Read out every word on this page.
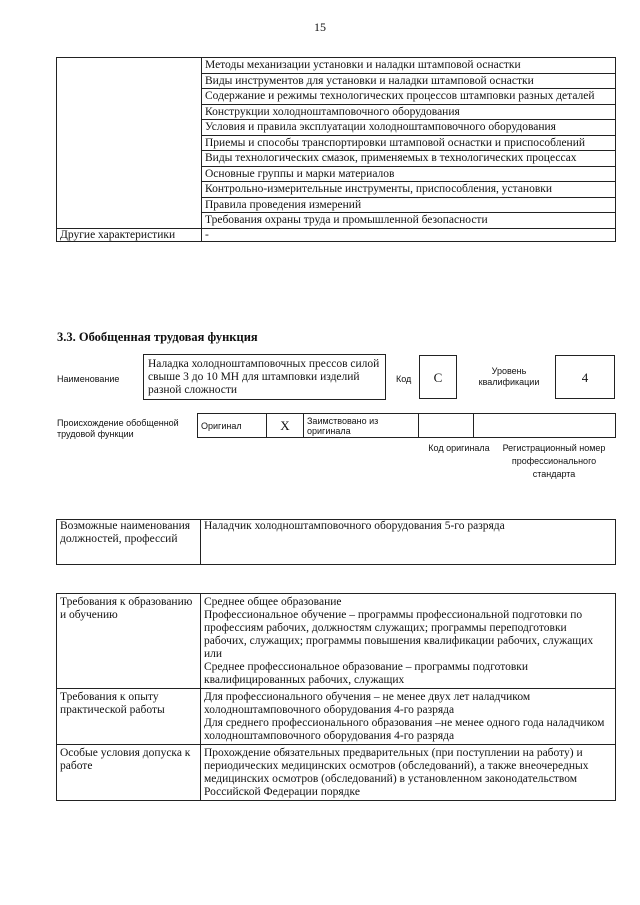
15
	Методы механизации установки и наладки штамповой оснастки
	Виды инструментов для установки и наладки штамповой оснастки
	Содержание и режимы технологических процессов штамповки разных деталей
	Конструкции холодноштамповочного оборудования
	Условия и правила эксплуатации холодноштамповочного оборудования
	Приемы и способы транспортировки штамповой оснастки и приспособлений
	Виды технологических смазок, применяемых в технологических процессах
	Основные группы и марки материалов
	Контрольно-измерительные инструменты, приспособления, установки
	Правила проведения измерений
	Требования охраны труда и промышленной безопасности
Другие характеристики	-
3.3. Обобщенная трудовая функция
Наименование
Наладка холодноштамповочных прессов силой свыше 3 до 10 МН для штамповки изделий разной сложности
Код	С	Уровень квалификации	4
Происхождение обобщенной трудовой функции
Оригинал	Х	Заимствовано из оригинала		
Код оригинала	Регистрационный номер профессионального стандарта
Возможные наименования должностей, профессий	Наладчик холодноштамповочного оборудования 5-го разряда
Требования к образованию и обучению	Среднее общее образование
Профессиональное обучение – программы профессиональной подготовки по профессиям рабочих, должностям служащих; программы переподготовки рабочих, служащих; программы повышения квалификации рабочих, служащих
или
Среднее профессиональное образование – программы подготовки квалифицированных рабочих, служащих

Требования к опыту практической работы	Для профессионального обучения – не менее двух лет наладчиком холодноштамповочного оборудования 4-го разряда
Для среднего профессионального образования –не менее одного года наладчиком холодноштамповочного оборудования 4-го разряда

Особые условия допуска к работе	Прохождение обязательных предварительных (при поступлении на работу) и периодических медицинских осмотров (обследований), а также внеочередных медицинских осмотров (обследований) в установленном законодательством Российской Федерации порядке
